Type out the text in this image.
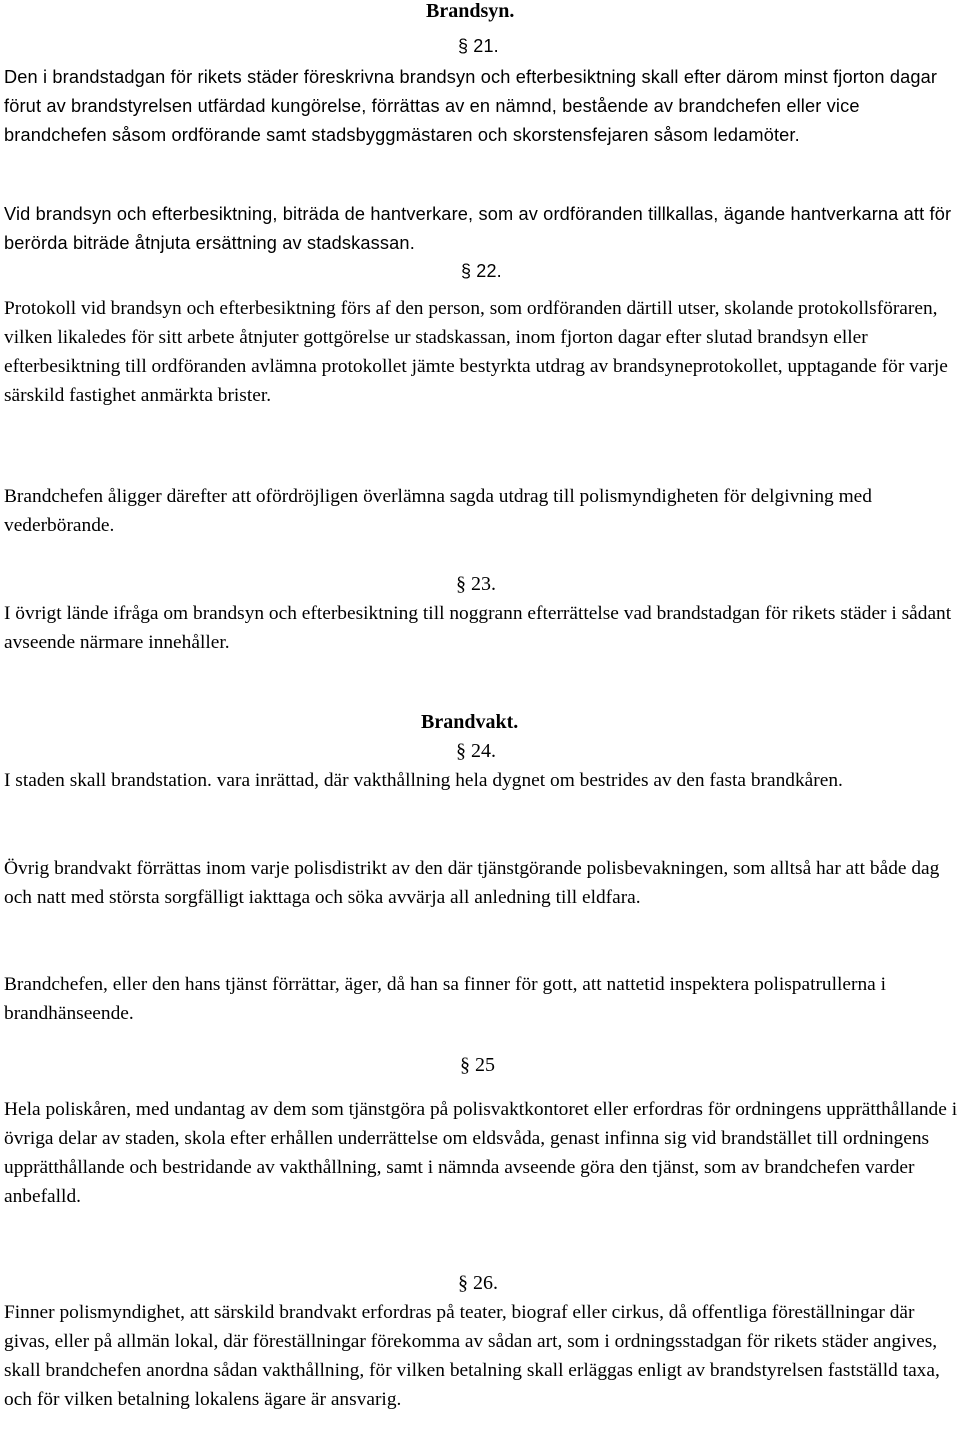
Brandsyn.
§ 21.

Den i brandstadgan för rikets städer föreskrivna brandsyn och efterbesiktning skall efter därom minst fjorton dagar förut av brandstyrelsen utfärdad kungörelse, förrättas av en nämnd, bestående av brandchefen eller vice brandchefen såsom ordförande samt stadsbyggmästaren och skorstensfejaren såsom ledamöter.

Vid brandsyn och efterbesiktning, biträda de hantverkare, som av ordföranden tillkallas, ägande hantverkarna att för berörda biträde åtnjuta ersättning av stadskassan.

§ 22.

Protokoll vid brandsyn och efterbesiktning förs af den person, som ordföranden därtill utser, skolande protokollsföraren, vilken likaledes för sitt arbete åtnjuter gottgörelse ur stadskassan, inom fjorton dagar efter slutad brandsyn eller efterbesiktning till ordföranden avlämna protokollet jämte bestyrkta utdrag av brandsyneprotokollet, upptagande för varje särskild fastighet anmärkta brister.

Brandchefen åligger därefter att ofördröjligen överlämna sagda utdrag till polismyndigheten för delgivning med vederbörande.

§ 23.

I övrigt lände ifråga om brandsyn och efterbesiktning till noggrann efterrättelse vad brandstadgan för rikets städer i sådant avseende närmare innehåller.

Brandvakt.
§ 24.

I staden skall brandstation. vara inrättad, där vakthållning hela dygnet om bestrides av den fasta brandkåren.

Övrig brandvakt förrättas inom varje polisdistrikt av den där tjänstgörande polisbevakningen, som alltså har att både dag och natt med största sorgfälligt iakttaga och söka avvärja all anledning till eldfara.

Brandchefen, eller den hans tjänst förrättar, äger, då han sa finner för gott, att nattetid inspektera polispatrullerna i brandhänseende.

§ 25

Hela poliskåren, med undantag av dem som tjänstgöra på polisvaktkontoret eller erfordras för ordningens upprätthållande i övriga delar av staden, skola efter erhållen underrättelse om eldsvåda, genast infinna sig vid brandstället till ordningens upprätthållande och bestridande av vakthållning, samt i nämnda avseende göra den tjänst, som av brandchefen varder anbefalld.

§ 26.

Finner polismyndighet, att särskild brandvakt erfordras på teater, biograf eller cirkus, då offentliga föreställningar där givas, eller på allmän lokal, där föreställningar förekomma av sådan art, som i ordningsstadgan för rikets städer angives, skall brandchefen anordna sådan vakthållning, för vilken betalning skall erläggas enligt av brandstyrelsen fastställd taxa, och för vilken betalning lokalens ägare är ansvarig.
